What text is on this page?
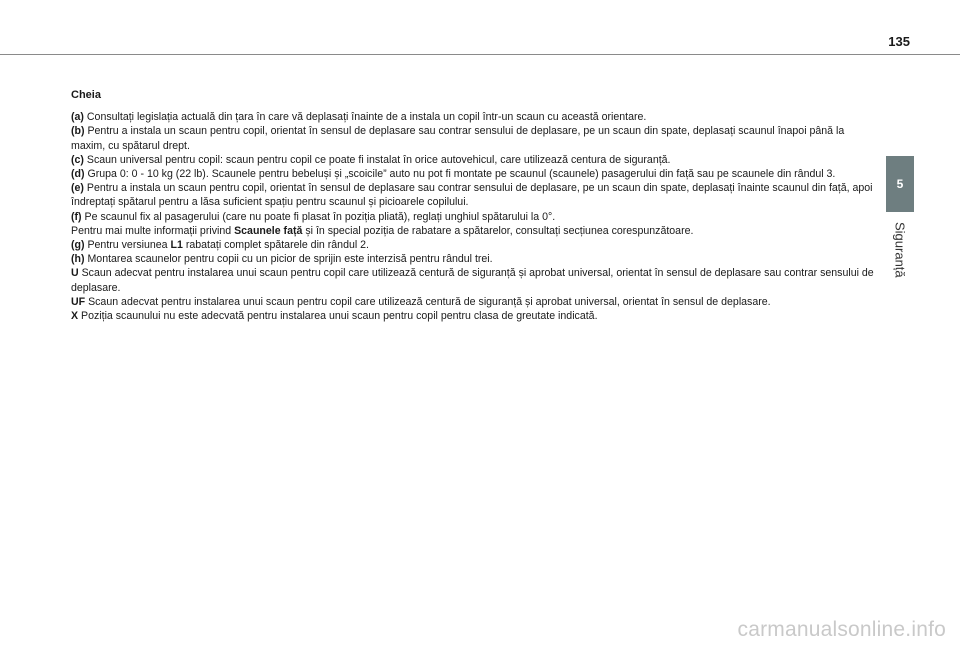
135
5
Siguranță

Cheia

(a) Consultați legislația actuală din țara în care vă deplasați înainte de a instala un copil într-un scaun cu această orientare.

(b) Pentru a instala un scaun pentru copil, orientat în sensul de deplasare sau contrar sensului de deplasare, pe un scaun din spate, deplasați scaunul înapoi până la maxim, cu spătarul drept.

(c) Scaun universal pentru copil: scaun pentru copil ce poate fi instalat în orice autovehicul, care utilizează centura de siguranță.

(d) Grupa 0: 0 - 10 kg (22 lb). Scaunele pentru bebeluși și „scoicile” auto nu pot fi montate pe scaunul (scaunele) pasagerului din față sau pe scaunele din rândul 3.

(e) Pentru a instala un scaun pentru copil, orientat în sensul de deplasare sau contrar sensului de deplasare, pe un scaun din spate, deplasați înainte scaunul din față, apoi îndreptați spătarul pentru a lăsa suficient spațiu pentru scaunul și picioarele copilului.

(f) Pe scaunul fix al pasagerului (care nu poate fi plasat în poziția pliată), reglați unghiul spătarului la 0°.

Pentru mai multe informații privind Scaunele față și în special poziția de rabatare a spătarelor, consultați secțiunea corespunzătoare.

(g) Pentru versiunea L1 rabatați complet spătarele din rândul 2.

(h) Montarea scaunelor pentru copii cu un picior de sprijin este interzisă pentru rândul trei.

U Scaun adecvat pentru instalarea unui scaun pentru copil care utilizează centură de siguranță și aprobat universal, orientat în sensul de deplasare sau contrar sensului de deplasare.

UF Scaun adecvat pentru instalarea unui scaun pentru copil care utilizează centură de siguranță și aprobat universal, orientat în sensul de deplasare.

X Poziția scaunului nu este adecvată pentru instalarea unui scaun pentru copil pentru clasa de greutate indicată.

carmanualsonline.info
